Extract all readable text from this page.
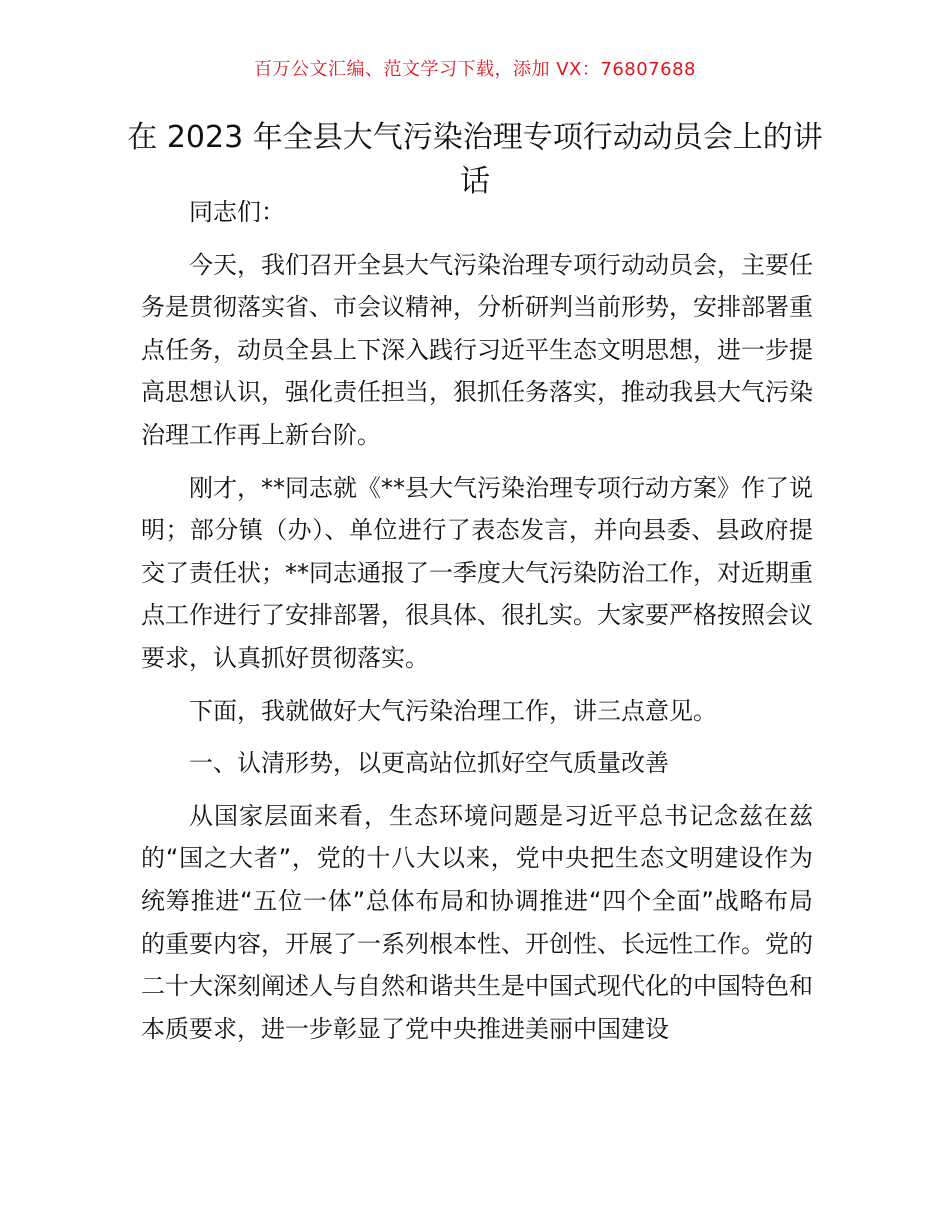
百万公文汇编、范文学习下载，添加 VX：76807688
在 2023 年全县大气污染治理专项行动动员会上的讲话

同志们：

今天，我们召开全县大气污染治理专项行动动员会，主要任务是贯彻落实省、市会议精神，分析研判当前形势，安排部署重点任务，动员全县上下深入践行习近平生态文明思想，进一步提高思想认识，强化责任担当，狠抓任务落实，推动我县大气污染治理工作再上新台阶。

刚才，**同志就《**县大气污染治理专项行动方案》作了说明；部分镇（办）、单位进行了表态发言，并向县委、县政府提交了责任状；**同志通报了一季度大气污染防治工作，对近期重点工作进行了安排部署，很具体、很扎实。大家要严格按照会议要求，认真抓好贯彻落实。

下面，我就做好大气污染治理工作，讲三点意见。

一、认清形势，以更高站位抓好空气质量改善

从国家层面来看，生态环境问题是习近平总书记念兹在兹的“国之大者”，党的十八大以来，党中央把生态文明建设作为统筹推进“五位一体”总体布局和协调推进“四个全面”战略布局的重要内容，开展了一系列根本性、开创性、长远性工作。党的二十大深刻阐述人与自然和谐共生是中国式现代化的中国特色和本质要求，进一步彰显了党中央推进美丽中国建设
